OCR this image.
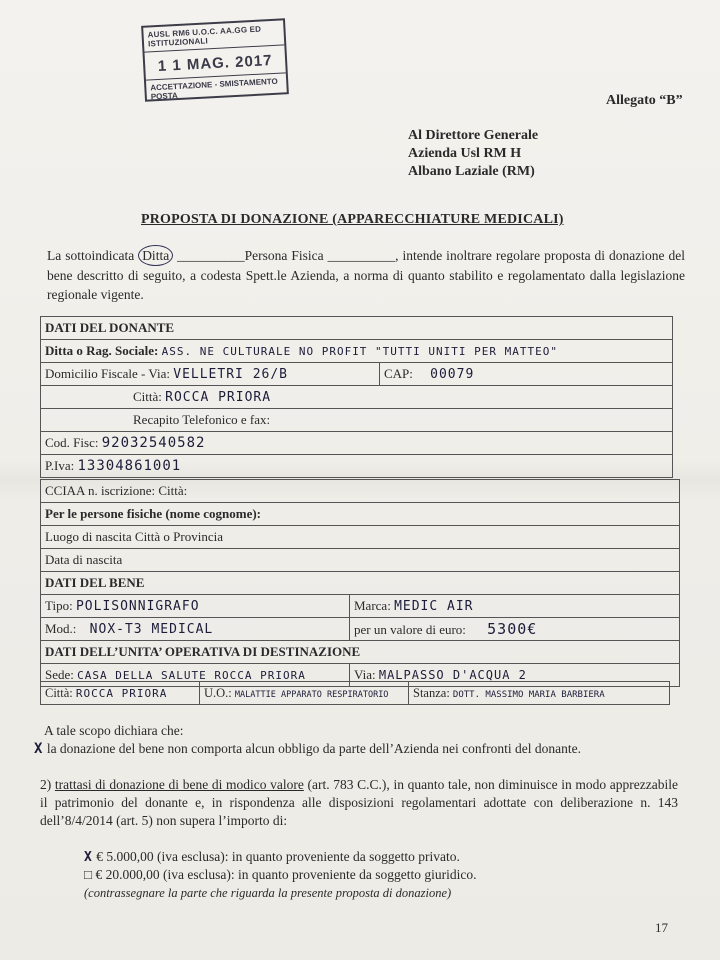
AUSL RM6 U.O.C. AA.GG ED ISTITUZIONALI
1 1 MAG. 2017
ACCETTAZIONE - SMISTAMENTO POSTA	Allegato “B”
Al Direttore Generale
Azienda Usl RM H
Albano Laziale (RM)
PROPOSTA DI DONAZIONE (APPARECCHIATURE MEDICALI)
La sottoindicata Ditta __________Persona Fisica __________, intende inoltrare regolare proposta di donazione del bene descritto di seguito, a codesta Spett.le Azienda, a norma di quanto stabilito e regolamentato dalla legislazione regionale vigente.
DATI DEL DONANTE
Ditta o Rag. Sociale: ASS. NE CULTURALE NO PROFIT "TUTTI UNITI PER MATTEO"
Domicilio Fiscale - Via: VELLETRI 26/B	CAP: 00079
Città: ROCCA PRIORA
Recapito Telefonico e fax:
Cod. Fisc: 92032540582
P.Iva: 13304861001
CCIAA n. iscrizione: Città:	
Per le persone fisiche (nome cognome):	
Luogo di nascita Città o Provincia	
Data di nascita	
DATI DEL BENE	
Tipo: POLISONNIGRAFO	Marca: MEDIC AIR
Mod.: NOX-T3 MEDICAL	per un valore di euro: 5300€
DATI DELL’UNITA’ OPERATIVA DI DESTINAZIONE	
Sede: CASA DELLA SALUTE ROCCA PRIORA	Via: MALPASSO D'ACQUA 2
Città: ROCCA PRIORA	U.O.: MALATTIE APPARATO RESPIRATORIO	Stanza: DOTT. MASSIMO MARIA BARBIERA
A tale scopo dichiara che:
X la donazione del bene non comporta alcun obbligo da parte dell’Azienda nei confronti del donante.
2) trattasi di donazione di bene di modico valore (art. 783 C.C.), in quanto tale, non diminuisce in modo apprezzabile il patrimonio del donante e, in rispondenza alle disposizioni regolamentari adottate con deliberazione n. 143 dell’8/4/2014 (art. 5) non supera l’importo di:
X € 5.000,00 (iva esclusa): in quanto proveniente da soggetto privato.
□ € 20.000,00 (iva esclusa): in quanto proveniente da soggetto giuridico.
(contrassegnare la parte che riguarda la presente proposta di donazione)
17
